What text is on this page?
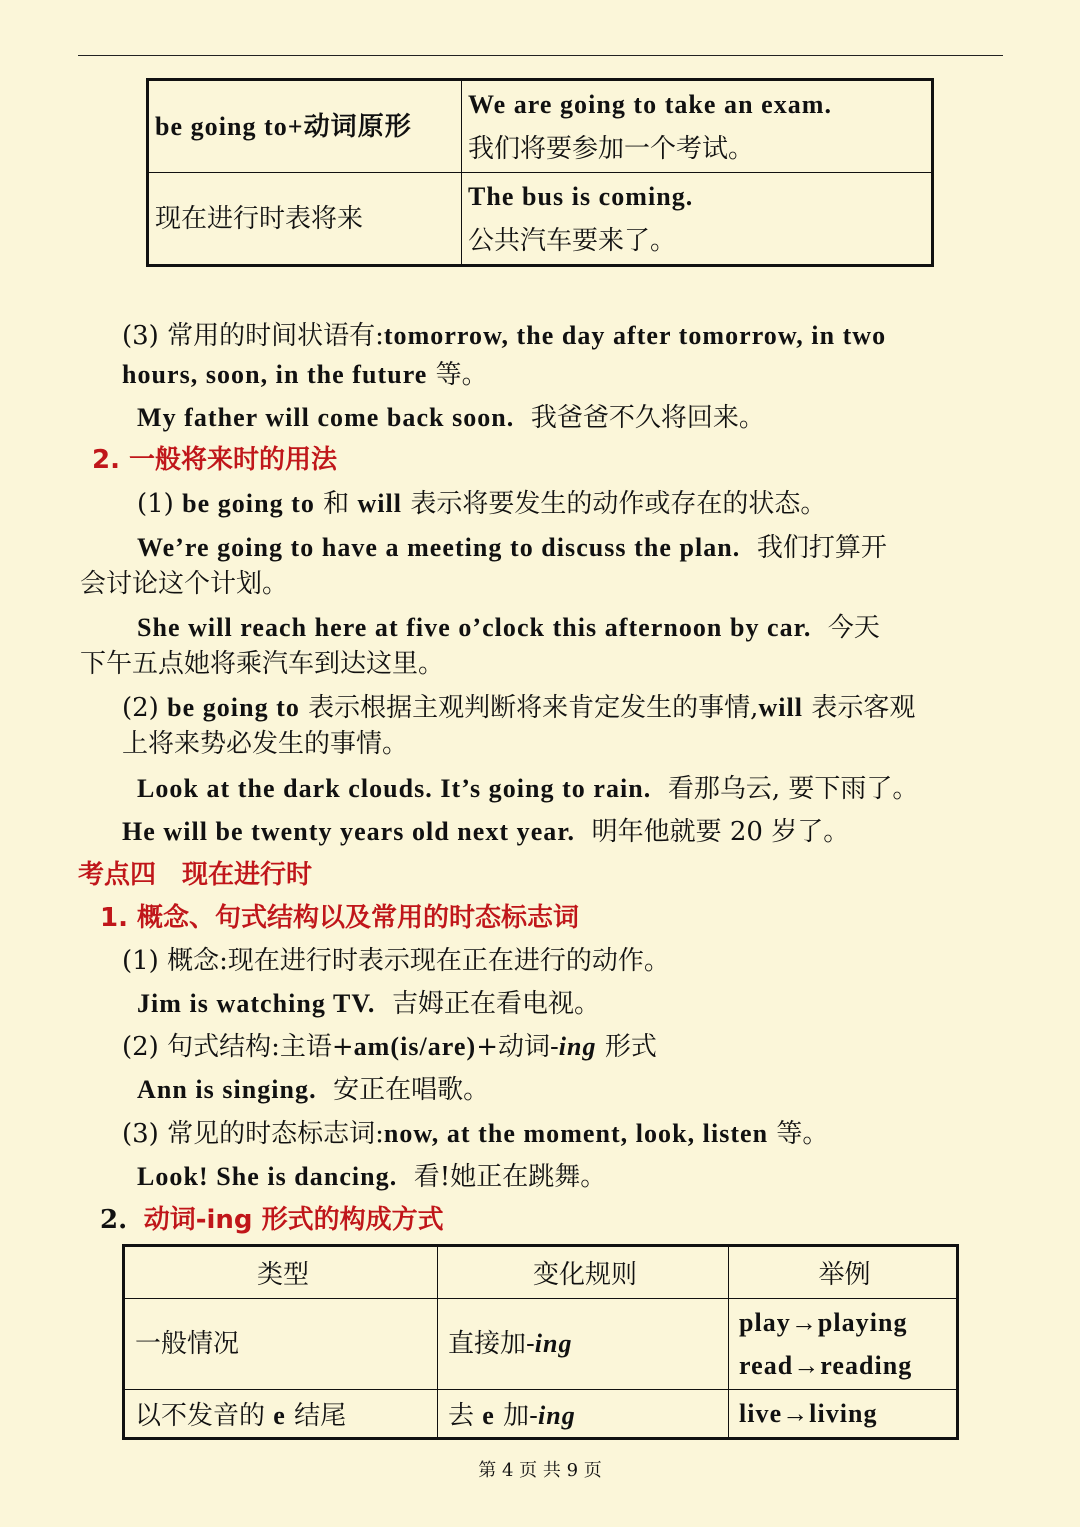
be going to+动词原形	We are going to take an exam.
我们将要参加一个考试。

现在进行时表将来	The bus is coming.
公共汽车要来了。
(3) 常用的时间状语有:tomorrow, the day after tomorrow, in two
hours, soon, in the future 等。
My father will come back soon. 我爸爸不久将回来。
2. 一般将来时的用法
(1) be going to 和 will 表示将要发生的动作或存在的状态。
We’re going to have a meeting to discuss the plan. 我们打算开
会讨论这个计划。
She will reach here at five o’clock this afternoon by car. 今天
下午五点她将乘汽车到达这里。
(2) be going to 表示根据主观判断将来肯定发生的事情,will 表示客观
上将来势必发生的事情。
Look at the dark clouds. It’s going to rain. 看那乌云, 要下雨了。
He will be twenty years old next year. 明年他就要 20 岁了。
考点四　现在进行时
1. 概念、句式结构以及常用的时态标志词
(1) 概念:现在进行时表示现在正在进行的动作。
Jim is watching TV. 吉姆正在看电视。
(2) 句式结构:主语+am(is/are)+动词-ing 形式
Ann is singing. 安正在唱歌。
(3) 常见的时态标志词:now, at the moment, look, listen 等。
Look! She is dancing. 看!她正在跳舞。
2. 动词-ing 形式的构成方式
类型	变化规则	举例
一般情况	直接加-ing	play→playing
read→reading

以不发音的 e 结尾	去 e 加-ing	live→living
第 4 页 共 9 页
